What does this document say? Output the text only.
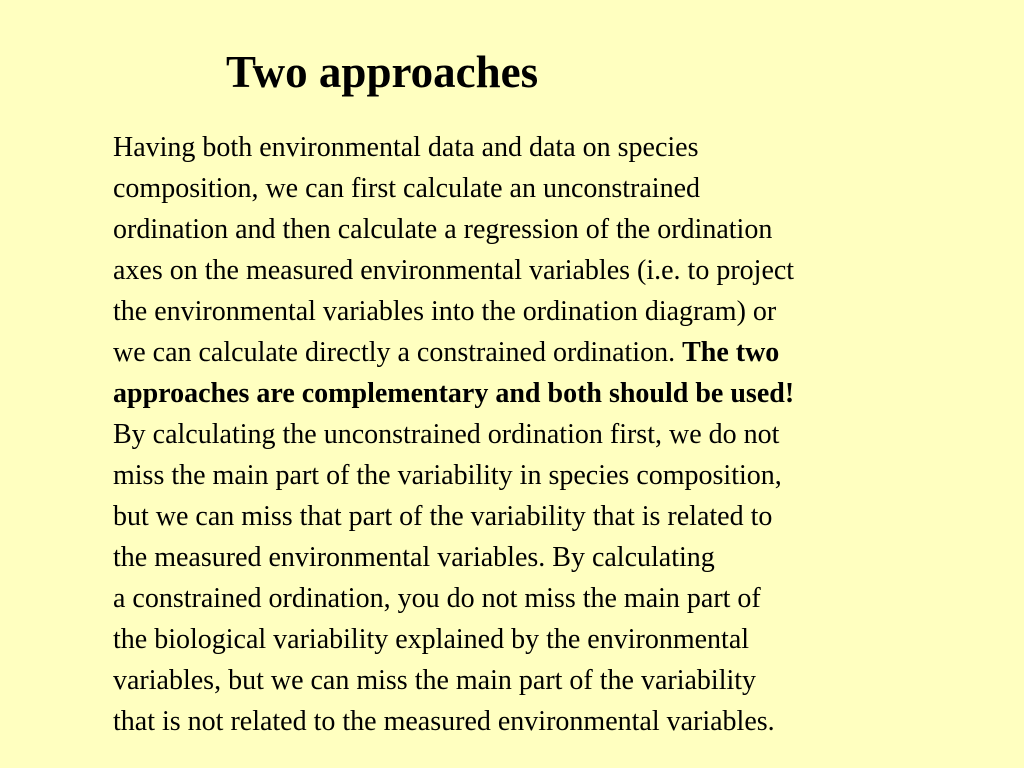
Two approaches
Having both environmental data and data on species
composition, we can first calculate an unconstrained
ordination and then calculate a regression of the ordination
axes on the measured environmental variables (i.e. to project
the environmental variables into the ordination diagram) or
we can calculate directly a constrained ordination. The two
approaches are complementary and both should be used!
By calculating the unconstrained ordination first, we do not
miss the main part of the variability in species composition,
but we can miss that part of the variability that is related to
the measured environmental variables. By calculating
a constrained ordination, you do not miss the main part of
the biological variability explained by the environmental
variables, but we can miss the main part of the variability
that is not related to the measured environmental variables.
